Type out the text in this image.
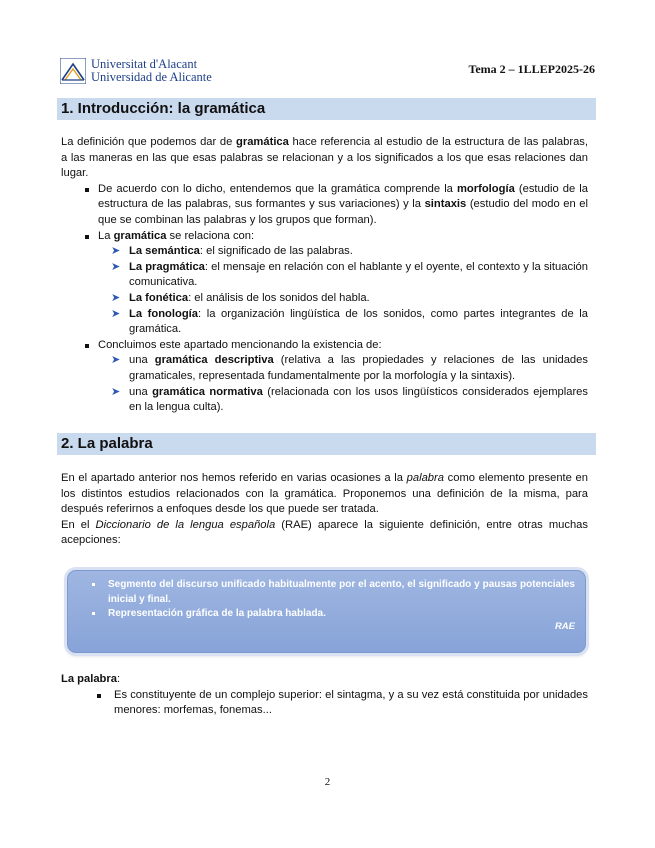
Universitat d'Alacant
Universidad de Alicante
Tema 2 – 1LLEP2025-26
1. Introducción: la gramática
La definición que podemos dar de gramática hace referencia al estudio de la estructura de las palabras, a las maneras en las que esas palabras se relacionan y a los significados a los que esas relaciones dan lugar.
De acuerdo con lo dicho, entendemos que la gramática comprende la morfología (estudio de la estructura de las palabras, sus formantes y sus variaciones) y la sintaxis (estudio del modo en el que se combinan las palabras y los grupos que forman).
La gramática se relaciona con:
➤ La semántica: el significado de las palabras.
➤ La pragmática: el mensaje en relación con el hablante y el oyente, el contexto y la situación comunicativa.
➤ La fonética: el análisis de los sonidos del habla.
➤ La fonología: la organización lingüística de los sonidos, como partes integrantes de la gramática.
Concluimos este apartado mencionando la existencia de:
➤ una gramática descriptiva (relativa a las propiedades y relaciones de las unidades gramaticales, representada fundamentalmente por la morfología y la sintaxis).
➤ una gramática normativa (relacionada con los usos lingüísticos considerados ejemplares en la lengua culta).
2. La palabra
En el apartado anterior nos hemos referido en varias ocasiones a la palabra como elemento presente en los distintos estudios relacionados con la gramática. Proponemos una definición de la misma, para después referirnos a enfoques desde los que puede ser tratada.
En el Diccionario de la lengua española (RAE) aparece la siguiente definición, entre otras muchas acepciones:
Segmento del discurso unificado habitualmente por el acento, el significado y pausas potenciales inicial y final.
Representación gráfica de la palabra hablada.
RAE
La palabra:
Es constituyente de un complejo superior: el sintagma, y a su vez está constituida por unidades menores: morfemas, fonemas...
2
